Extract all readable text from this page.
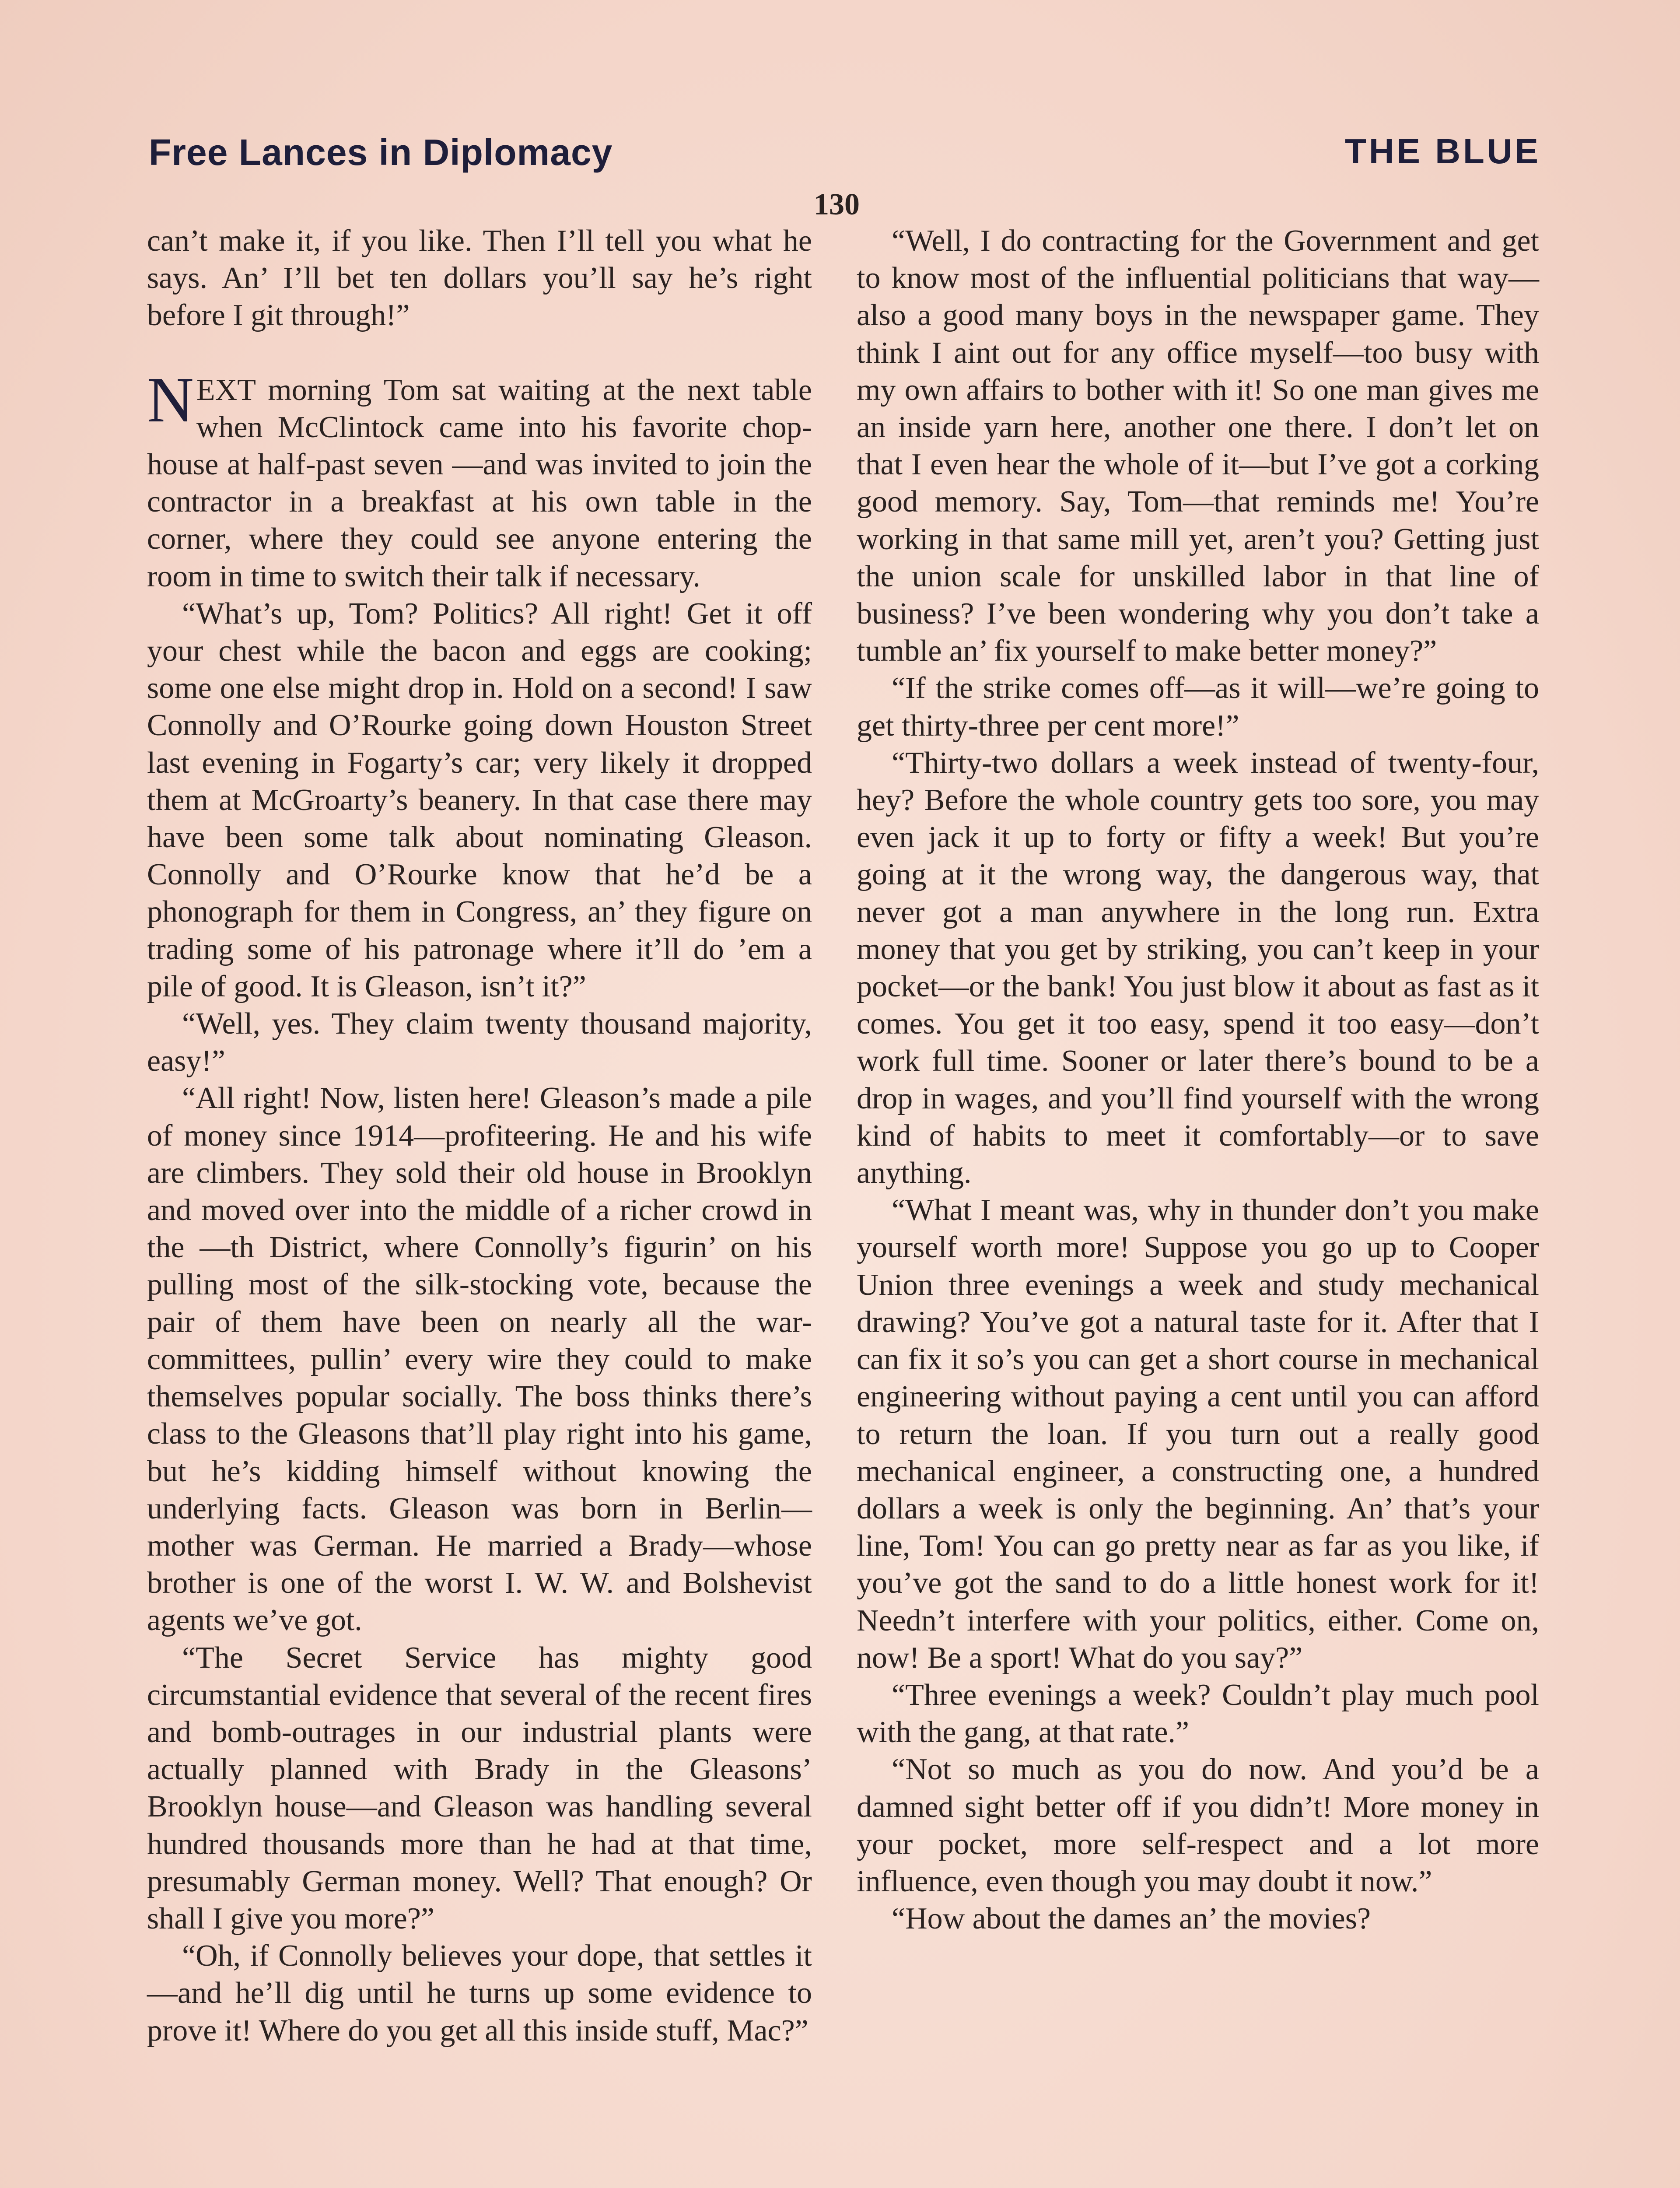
Free Lances in Diplomacy	THE BLUE
130

can’t make it, if you like. Then I’ll tell you what he says. An’ I’ll bet ten dollars you’ll say he’s right before I git through!”

NEXT morning Tom sat waiting at the next table when McClintock came into his favorite chop-house at half-past seven —and was invited to join the contractor in a breakfast at his own table in the corner, where they could see anyone entering the room in time to switch their talk if necessary.

“What’s up, Tom? Politics? All right! Get it off your chest while the bacon and eggs are cooking; some one else might drop in. Hold on a second! I saw Connolly and O’Rourke going down Houston Street last evening in Fogarty’s car; very likely it dropped them at McGroarty’s beanery. In that case there may have been some talk about nominating Gleason. Connolly and O’Rourke know that he’d be a phonograph for them in Congress, an’ they figure on trading some of his patronage where it’ll do ’em a pile of good. It is Gleason, isn’t it?”

“Well, yes. They claim twenty thousand majority, easy!”

“All right! Now, listen here! Gleason’s made a pile of money since 1914—profiteering. He and his wife are climbers. They sold their old house in Brooklyn and moved over into the middle of a richer crowd in the —th District, where Connolly’s figurin’ on his pulling most of the silk-stocking vote, because the pair of them have been on nearly all the war-committees, pullin’ every wire they could to make themselves popular socially. The boss thinks there’s class to the Gleasons that’ll play right into his game, but he’s kidding himself without knowing the underlying facts. Gleason was born in Berlin—mother was German. He married a Brady—whose brother is one of the worst I. W. W. and Bolshevist agents we’ve got.

“The Secret Service has mighty good circumstantial evidence that several of the recent fires and bomb-outrages in our industrial plants were actually planned with Brady in the Gleasons’ Brooklyn house—and Gleason was handling several hundred thousands more than he had at that time, presumably German money. Well? That enough? Or shall I give you more?”

“Oh, if Connolly believes your dope, that settles it—and he’ll dig until he turns up some evidence to prove it! Where do you get all this inside stuff, Mac?”

“Well, I do contracting for the Government and get to know most of the influential politicians that way—also a good many boys in the newspaper game. They think I aint out for any office myself—too busy with my own affairs to bother with it! So one man gives me an inside yarn here, another one there. I don’t let on that I even hear the whole of it—but I’ve got a corking good memory. Say, Tom—that reminds me! You’re working in that same mill yet, aren’t you? Getting just the union scale for unskilled labor in that line of business? I’ve been wondering why you don’t take a tumble an’ fix yourself to make better money?”

“If the strike comes off—as it will—we’re going to get thirty-three per cent more!”

“Thirty-two dollars a week instead of twenty-four, hey? Before the whole country gets too sore, you may even jack it up to forty or fifty a week! But you’re going at it the wrong way, the dangerous way, that never got a man anywhere in the long run. Extra money that you get by striking, you can’t keep in your pocket—or the bank! You just blow it about as fast as it comes. You get it too easy, spend it too easy—don’t work full time. Sooner or later there’s bound to be a drop in wages, and you’ll find yourself with the wrong kind of habits to meet it comfortably—or to save anything.

“What I meant was, why in thunder don’t you make yourself worth more! Suppose you go up to Cooper Union three evenings a week and study mechanical drawing? You’ve got a natural taste for it. After that I can fix it so’s you can get a short course in mechanical engineering without paying a cent until you can afford to return the loan. If you turn out a really good mechanical engineer, a constructing one, a hundred dollars a week is only the beginning. An’ that’s your line, Tom! You can go pretty near as far as you like, if you’ve got the sand to do a little honest work for it! Needn’t interfere with your politics, either. Come on, now! Be a sport! What do you say?”

“Three evenings a week? Couldn’t play much pool with the gang, at that rate.”

“Not so much as you do now. And you’d be a damned sight better off if you didn’t! More money in your pocket, more self-respect and a lot more influence, even though you may doubt it now.”

“How about the dames an’ the movies?
